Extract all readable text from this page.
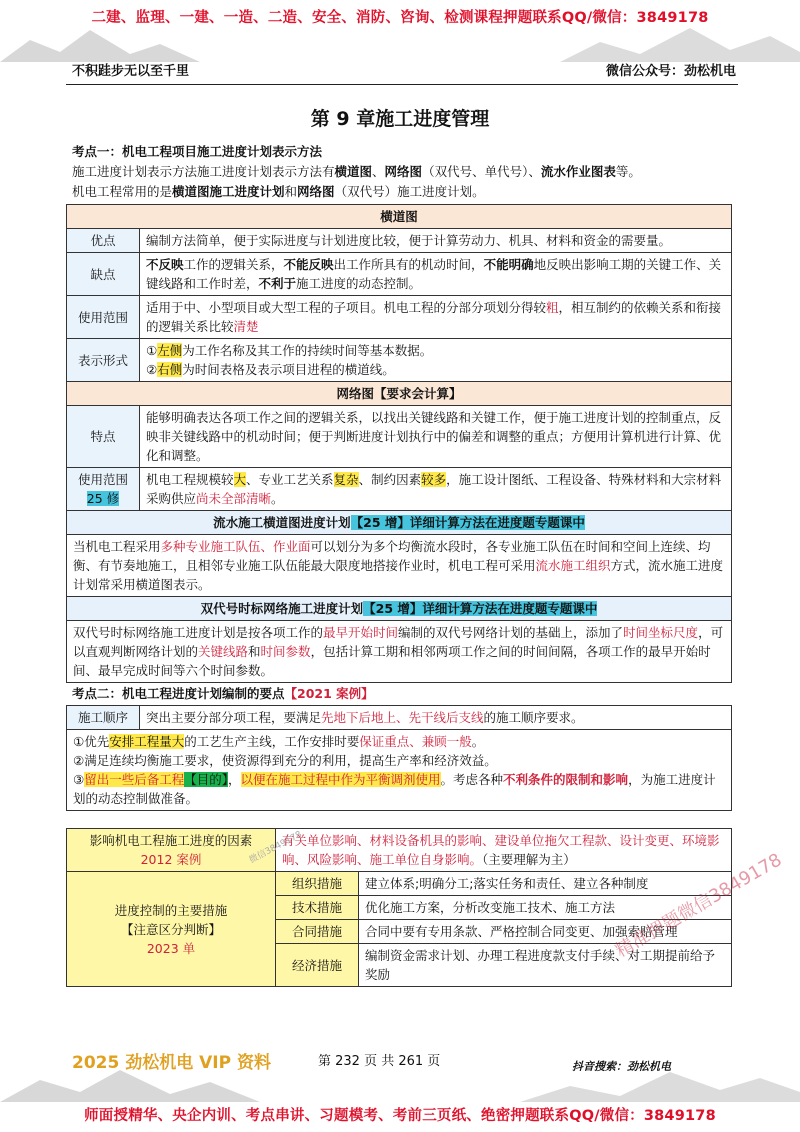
二建、监理、一建、一造、二造、安全、消防、咨询、检测课程押题联系QQ/微信：3849178
不积跬步无以至千里	微信公众号：劲松机电
第 9 章施工进度管理
考点一：机电工程项目施工进度计划表示方法
施工进度计划表示方法施工进度计划表示方法有横道图、网络图（双代号、单代号）、流水作业图表等。
机电工程常用的是横道图施工进度计划和网络图（双代号）施工进度计划。
横道图	
优点	编制方法简单，便于实际进度与计划进度比较，便于计算劳动力、机具、材料和资金的需要量。
缺点	不反映工作的逻辑关系，不能反映出工作所具有的机动时间，不能明确地反映出影响工期的关键工作、关键线路和工作时差，不利于施工进度的动态控制。
使用范围	适用于中、小型项目或大型工程的子项目。机电工程的分部分项划分得较粗，相互制约的依赖关系和衔接的逻辑关系比较清楚
表示形式	①左侧为工作名称及其工作的持续时间等基本数据。
②右侧为时间表格及表示项目进程的横道线。
网络图【要求会计算】	
特点	能够明确表达各项工作之间的逻辑关系，以找出关键线路和关键工作，便于施工进度计划的控制重点，反映非关键线路中的机动时间；便于判断进度计划执行中的偏差和调整的重点；方便用计算机进行计算、优化和调整。
使用范围
25 修	机电工程规模较大、专业工艺关系复杂、制约因素较多，施工设计图纸、工程设备、特殊材料和大宗材料采购供应尚未全部清晰。
流水施工横道图进度计划【25 增】详细计算方法在进度题专题课中	
当机电工程采用多种专业施工队伍、作业面可以划分为多个均衡流水段时，各专业施工队伍在时间和空间上连续、均衡、有节奏地施工，且相邻专业施工队伍能最大限度地搭接作业时，机电工程可采用流水施工组织方式，流水施工进度计划常采用横道图表示。	
双代号时标网络施工进度计划【25 增】详细计算方法在进度题专题课中	
双代号时标网络施工进度计划是按各项工作的最早开始时间编制的双代号网络计划的基础上，添加了时间坐标尺度，可以直观判断网络计划的关键线路和时间参数，包括计算工期和相邻两项工作之间的时间间隔，各项工作的最早开始时间、最早完成时间等六个时间参数。	
考点二：机电工程进度计划编制的要点【2021 案例】
施工顺序	突出主要分部分项工程，要满足先地下后地上、先干线后支线的施工顺序要求。
①优先安排工程量大的工艺生产主线，工作安排时要保证重点、兼顾一般。
②满足连续均衡施工要求，使资源得到充分的利用，提高生产率和经济效益。
③留出一些后备工程【目的】，以便在施工过程中作为平衡调剂使用。考虑各种不利条件的限制和影响，为施工进度计划的动态控制做准备。
影响机电工程施工进度的因素
2012 案例	有关单位影响、材料设备机具的影响、建设单位拖欠工程款、设计变更、环境影响、风险影响、施工单位自身影响。（主要理解为主）	
进度控制的主要措施
【注意区分判断】
2023 单	组织措施	建立体系;明确分工;落实任务和责任、建立各种制度
	技术措施	优化施工方案，分析改变施工技术、施工方法
	合同措施	合同中要有专用条款、严格控制合同变更、加强索赔管理
	经济措施	编制资金需求计划、办理工程进度款支付手续、对工期提前给予奖励
微信3849178
精准押题微信3849178
2025 劲松机电 VIP 资料	第 232 页 共 261 页	抖音搜索：劲松机电
师面授精华、央企内训、考点串讲、习题模考、考前三页纸、绝密押题联系QQ/微信：3849178
